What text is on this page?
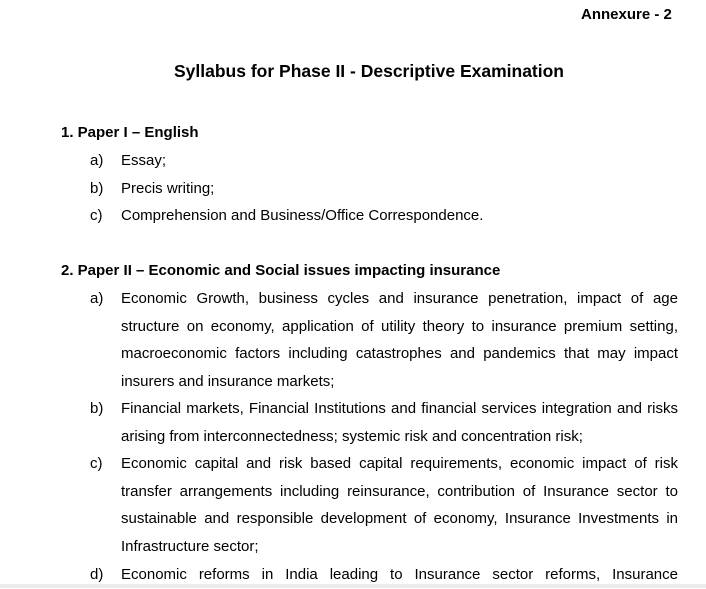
Annexure - 2
Syllabus for Phase II - Descriptive Examination
1. Paper I – English
a) Essay;
b) Precis writing;
c) Comprehension and Business/Office Correspondence.
2. Paper II – Economic and Social issues impacting insurance
a) Economic Growth, business cycles and insurance penetration, impact of age structure on economy, application of utility theory to insurance premium setting, macroeconomic factors including catastrophes and pandemics that may impact insurers and insurance markets;
b) Financial markets, Financial Institutions and financial services integration and risks arising from interconnectedness; systemic risk and concentration risk;
c) Economic capital and risk based capital requirements, economic impact of risk transfer arrangements including reinsurance, contribution of Insurance sector to sustainable and responsible development of economy, Insurance Investments in Infrastructure sector;
d) Economic reforms in India leading to Insurance sector reforms, Insurance
